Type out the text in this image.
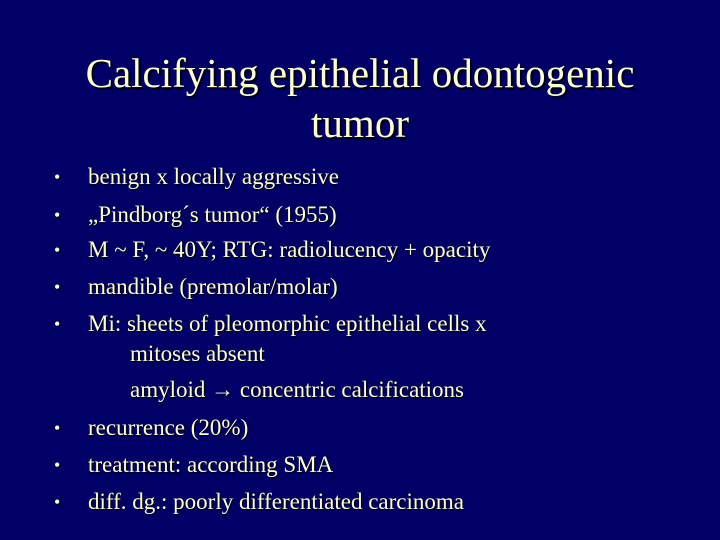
Calcifying epithelial odontogenic
tumor
• benign x locally aggressive
• „Pindborg´s tumor“ (1955)
• M ~ F, ~ 40Y; RTG: radiolucency + opacity
• mandible (premolar/molar)
• Mi: sheets of pleomorphic epithelial cells x
mitoses absent
amyloid → concentric calcifications
• recurrence (20%)
• treatment: according SMA
• diff. dg.: poorly differentiated carcinoma
